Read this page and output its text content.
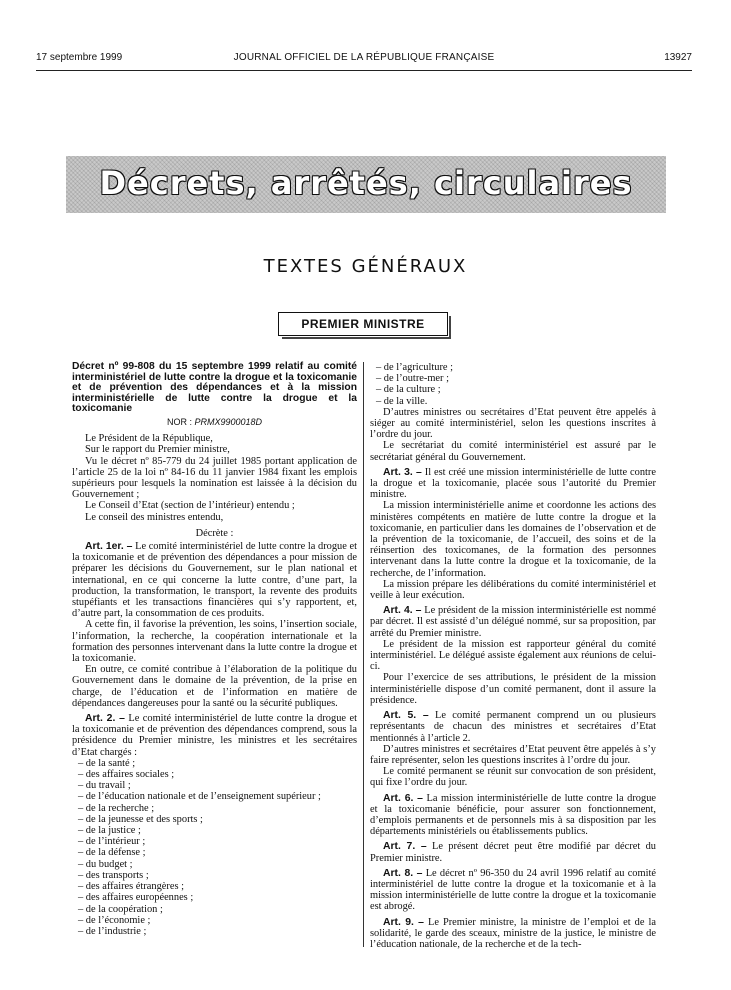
17 septembre 1999	JOURNAL OFFICIEL DE LA RÉPUBLIQUE FRANÇAISE	13927
Décrets, arrêtés, circulaires
TEXTES GÉNÉRAUX
PREMIER MINISTRE

Décret nº 99-808 du 15 septembre 1999 relatif au comité interministériel de lutte contre la drogue et la toxicomanie et de prévention des dépendances et à la mission interministérielle de lutte contre la drogue et la toxicomanie

NOR : PRMX9900018D

Le Président de la République,

Sur le rapport du Premier ministre,

Vu le décret nº 85-779 du 24 juillet 1985 portant application de l’article 25 de la loi nº 84-16 du 11 janvier 1984 fixant les emplois supérieurs pour lesquels la nomination est laissée à la décision du Gouvernement ;

Le Conseil d’Etat (section de l’intérieur) entendu ;

Le conseil des ministres entendu,

Décrète :

Art. 1er. – Le comité interministériel de lutte contre la drogue et la toxicomanie et de prévention des dépendances a pour mission de préparer les décisions du Gouvernement, sur le plan national et international, en ce qui concerne la lutte contre, d’une part, la production, la transformation, le transport, la revente des produits stupéfiants et les transactions financières qui s’y rapportent, et, d’autre part, la consommation de ces produits.

A cette fin, il favorise la prévention, les soins, l’insertion sociale, l’information, la recherche, la coopération internationale et la formation des personnes intervenant dans la lutte contre la drogue et la toxicomanie.

En outre, ce comité contribue à l’élaboration de la politique du Gouvernement dans le domaine de la prévention, de la prise en charge, de l’éducation et de l’information en matière de dépendances dangereuses pour la santé ou la sécurité publiques.

Art. 2. – Le comité interministériel de lutte contre la drogue et la toxicomanie et de prévention des dépendances comprend, sous la présidence du Premier ministre, les ministres et les secrétaires d’Etat chargés :

– de la santé ;

– des affaires sociales ;

– du travail ;

– de l’éducation nationale et de l’enseignement supérieur ;

– de la recherche ;

– de la jeunesse et des sports ;

– de la justice ;

– de l’intérieur ;

– de la défense ;

– du budget ;

– des transports ;

– des affaires étrangères ;

– des affaires européennes ;

– de la coopération ;

– de l’économie ;

– de l’industrie ;

– de l’agriculture ;

– de l’outre-mer ;

– de la culture ;

– de la ville.

D’autres ministres ou secrétaires d’Etat peuvent être appelés à siéger au comité interministériel, selon les questions inscrites à l’ordre du jour.

Le secrétariat du comité interministériel est assuré par le secrétariat général du Gouvernement.

Art. 3. – Il est créé une mission interministérielle de lutte contre la drogue et la toxicomanie, placée sous l’autorité du Premier ministre.

La mission interministérielle anime et coordonne les actions des ministères compétents en matière de lutte contre la drogue et la toxicomanie, en particulier dans les domaines de l’observation et de la prévention de la toxicomanie, de l’accueil, des soins et de la réinsertion des toxicomanes, de la formation des personnes intervenant dans la lutte contre la drogue et la toxicomanie, de la recherche, de l’information.

La mission prépare les délibérations du comité interministériel et veille à leur exécution.

Art. 4. – Le président de la mission interministérielle est nommé par décret. Il est assisté d’un délégué nommé, sur sa proposition, par arrêté du Premier ministre.

Le président de la mission est rapporteur général du comité interministériel. Le délégué assiste également aux réunions de celui-ci.

Pour l’exercice de ses attributions, le président de la mission interministérielle dispose d’un comité permanent, dont il assure la présidence.

Art. 5. – Le comité permanent comprend un ou plusieurs représentants de chacun des ministres et secrétaires d’Etat mentionnés à l’article 2.

D’autres ministres et secrétaires d’Etat peuvent être appelés à s’y faire représenter, selon les questions inscrites à l’ordre du jour.

Le comité permanent se réunit sur convocation de son président, qui fixe l’ordre du jour.

Art. 6. – La mission interministérielle de lutte contre la drogue et la toxicomanie bénéficie, pour assurer son fonctionnement, d’emplois permanents et de personnels mis à sa disposition par les départements ministériels ou établissements publics.

Art. 7. – Le présent décret peut être modifié par décret du Premier ministre.

Art. 8. – Le décret nº 96-350 du 24 avril 1996 relatif au comité interministériel de lutte contre la drogue et la toxicomanie et à la mission interministérielle de lutte contre la drogue et la toxicomanie est abrogé.

Art. 9. – Le Premier ministre, la ministre de l’emploi et de la solidarité, le garde des sceaux, ministre de la justice, le ministre de l’éducation nationale, de la recherche et de la tech-
